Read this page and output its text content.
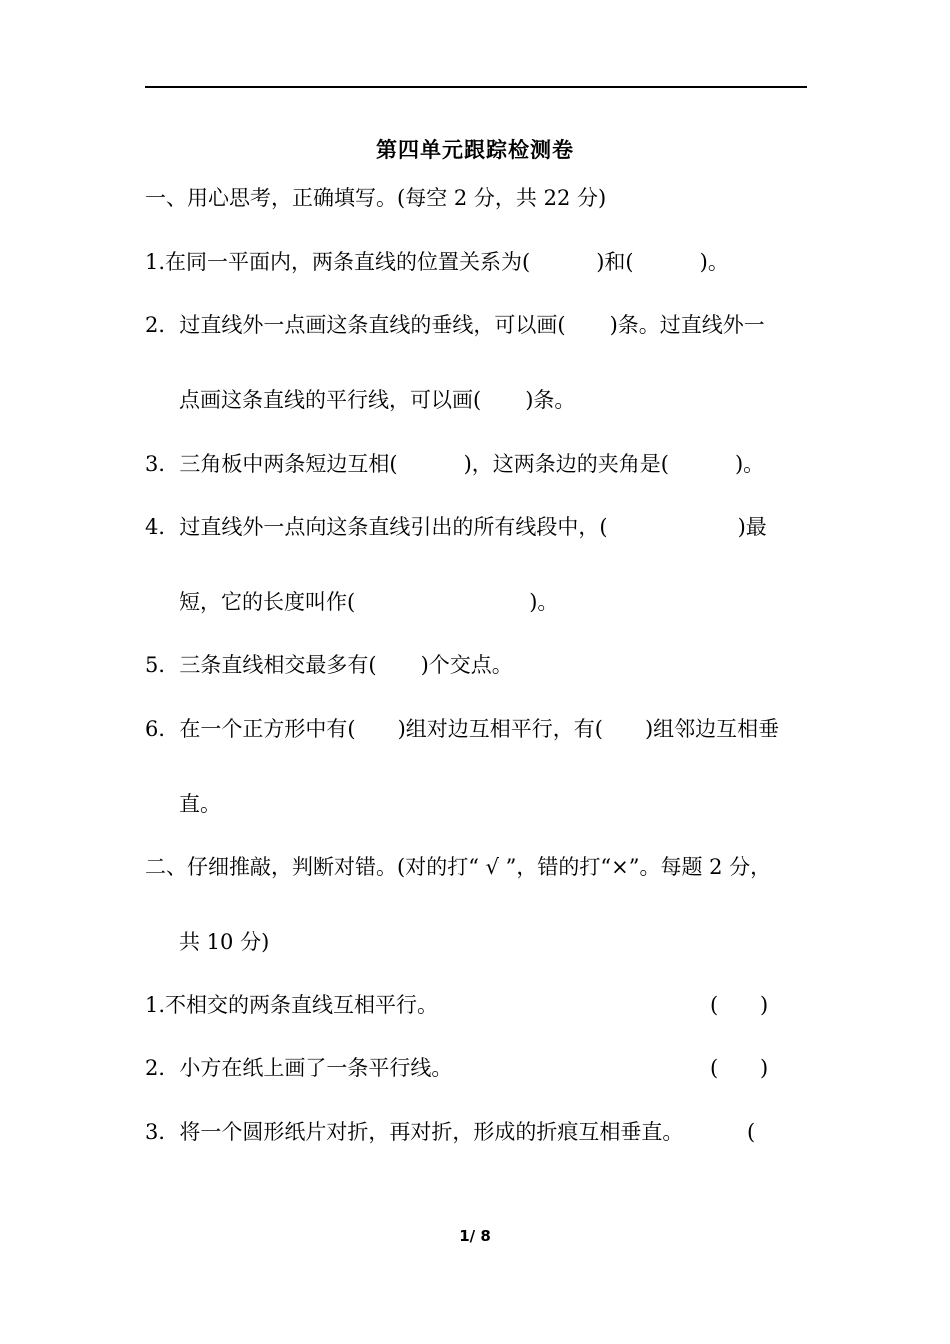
第四单元跟踪检测卷
一、用心思考，正确填写。(每空 2 分，共 22 分)
1.在同一平面内，两条直线的位置关系为(	)和(	)。
2．过直线外一点画这条直线的垂线，可以画( )条。过直线外一
点画这条直线的平行线，可以画( )条。
3．三角板中两条短边互相(	)，这两条边的夹角是(	)。
4．过直线外一点向这条直线引出的所有线段中，(	)最
短，它的长度叫作(	)。
5．三条直线相交最多有( )个交点。
6．在一个正方形中有( )组对边互相平行，有( )组邻边互相垂
直。
二、仔细推敲，判断对错。(对的打“ √ ”，错的打“×”。每题 2 分，
共 10 分)
1.不相交的两条直线互相平行。	( )
2．小方在纸上画了一条平行线。	( )
3．将一个圆形纸片对折，再对折，形成的折痕互相垂直。	(
1/ 8
